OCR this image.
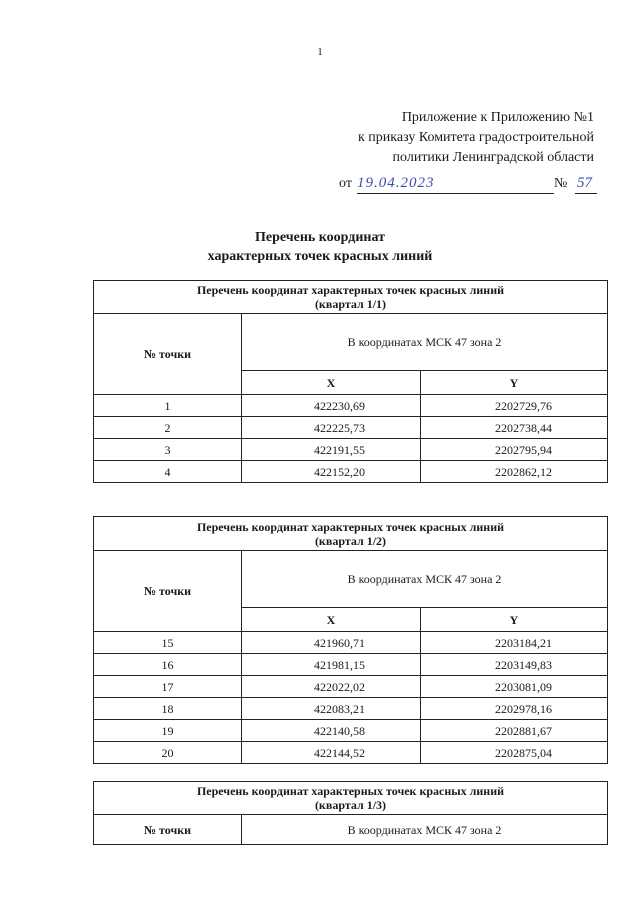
1
Приложение к Приложению №1
к приказу Комитета градостроительной
политики Ленинградской области
от 19.04.2023	№ 57
Перечень координат
характерных точек красных линий
Перечень координат характерных точек красных линий
(квартал 1/1)		

№ точки	В координатах МСК 47 зона 2	
	X	Y
1	422230,69	2202729,76
2	422225,73	2202738,44
3	422191,55	2202795,94
4	422152,20	2202862,12
Перечень координат характерных точек красных линий
(квартал 1/2)		

№ точки	В координатах МСК 47 зона 2	
	X	Y
15	421960,71	2203184,21
16	421981,15	2203149,83
17	422022,02	2203081,09
18	422083,21	2202978,16
19	422140,58	2202881,67
20	422144,52	2202875,04
Перечень координат характерных точек красных линий
(квартал 1/3)

№ точки	В координатах МСК 47 зона 2
